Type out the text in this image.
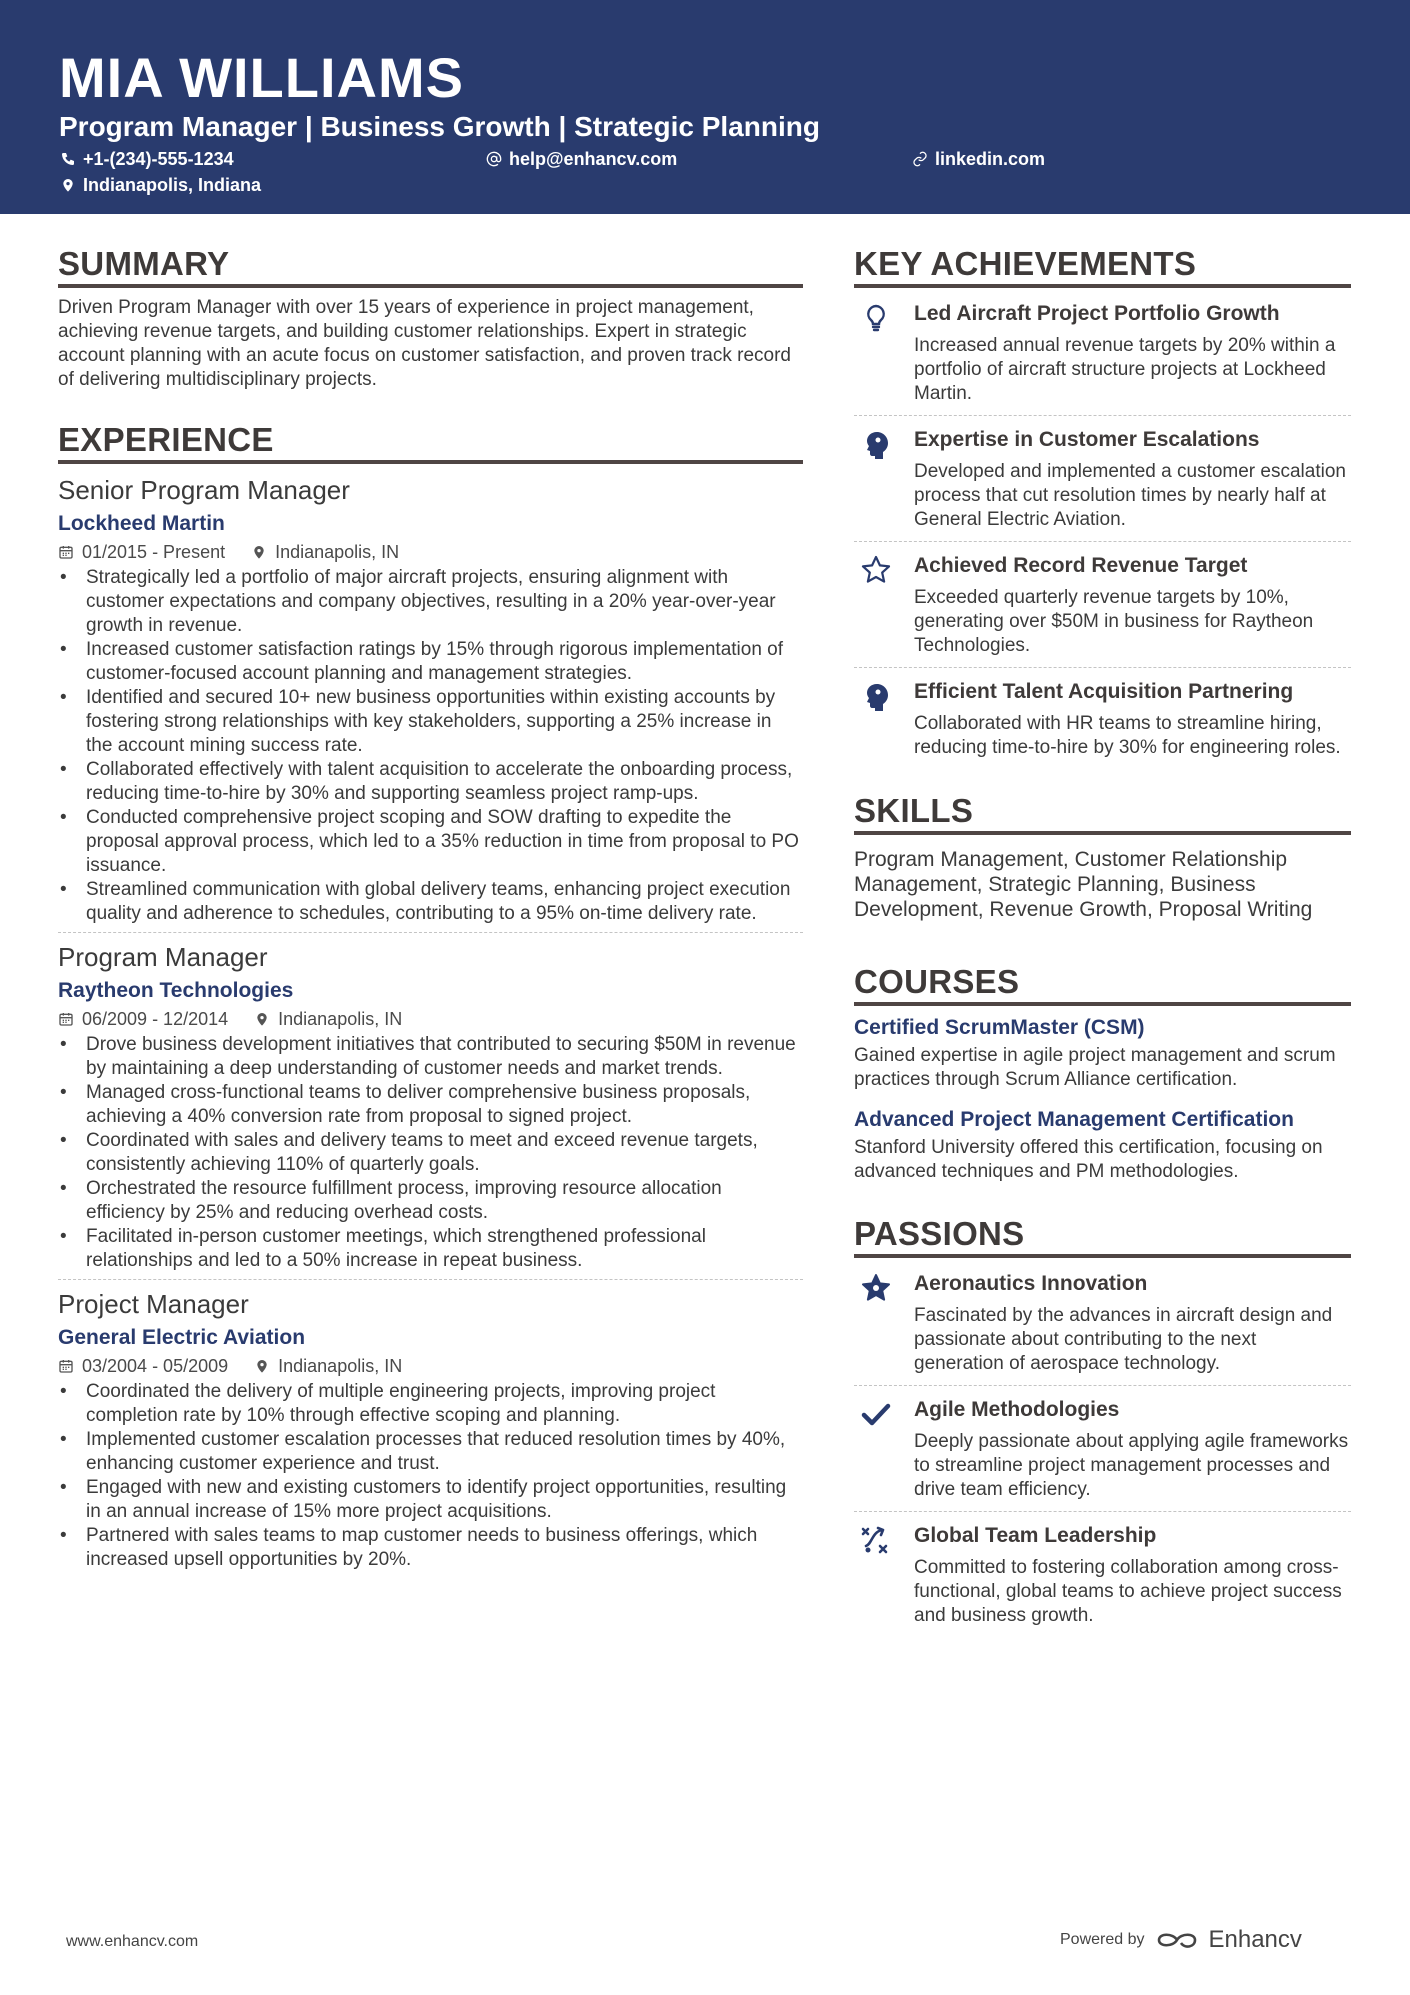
MIA WILLIAMS
Program Manager | Business Growth | Strategic Planning
+1-(234)-555-1234	help@enhancv.com	linkedin.com
Indianapolis, Indiana
SUMMARY
Driven Program Manager with over 15 years of experience in project management, achieving revenue targets, and building customer relationships. Expert in strategic account planning with an acute focus on customer satisfaction, and proven track record of delivering multidisciplinary projects.
EXPERIENCE
Senior Program Manager
Lockheed Martin
01/2015 - Present	Indianapolis, IN
• Strategically led a portfolio of major aircraft projects, ensuring alignment with customer expectations and company objectives, resulting in a 20% year-over-year growth in revenue.
• Increased customer satisfaction ratings by 15% through rigorous implementation of customer-focused account planning and management strategies.
• Identified and secured 10+ new business opportunities within existing accounts by fostering strong relationships with key stakeholders, supporting a 25% increase in the account mining success rate.
• Collaborated effectively with talent acquisition to accelerate the onboarding process, reducing time-to-hire by 30% and supporting seamless project ramp-ups.
• Conducted comprehensive project scoping and SOW drafting to expedite the proposal approval process, which led to a 35% reduction in time from proposal to PO issuance.
• Streamlined communication with global delivery teams, enhancing project execution quality and adherence to schedules, contributing to a 95% on-time delivery rate.
Program Manager
Raytheon Technologies
06/2009 - 12/2014	Indianapolis, IN
• Drove business development initiatives that contributed to securing $50M in revenue by maintaining a deep understanding of customer needs and market trends.
• Managed cross-functional teams to deliver comprehensive business proposals, achieving a 40% conversion rate from proposal to signed project.
• Coordinated with sales and delivery teams to meet and exceed revenue targets, consistently achieving 110% of quarterly goals.
• Orchestrated the resource fulfillment process, improving resource allocation efficiency by 25% and reducing overhead costs.
• Facilitated in-person customer meetings, which strengthened professional relationships and led to a 50% increase in repeat business.
Project Manager
General Electric Aviation
03/2004 - 05/2009	Indianapolis, IN
• Coordinated the delivery of multiple engineering projects, improving project completion rate by 10% through effective scoping and planning.
• Implemented customer escalation processes that reduced resolution times by 40%, enhancing customer experience and trust.
• Engaged with new and existing customers to identify project opportunities, resulting in an annual increase of 15% more project acquisitions.
• Partnered with sales teams to map customer needs to business offerings, which increased upsell opportunities by 20%.
KEY ACHIEVEMENTS
Led Aircraft Project Portfolio Growth
Increased annual revenue targets by 20% within a portfolio of aircraft structure projects at Lockheed Martin.
Expertise in Customer Escalations
Developed and implemented a customer escalation process that cut resolution times by nearly half at General Electric Aviation.
Achieved Record Revenue Target
Exceeded quarterly revenue targets by 10%, generating over $50M in business for Raytheon Technologies.
Efficient Talent Acquisition Partnering
Collaborated with HR teams to streamline hiring, reducing time-to-hire by 30% for engineering roles.
SKILLS
Program Management, Customer Relationship Management, Strategic Planning, Business Development, Revenue Growth, Proposal Writing
COURSES
Certified ScrumMaster (CSM)
Gained expertise in agile project management and scrum practices through Scrum Alliance certification.
Advanced Project Management Certification
Stanford University offered this certification, focusing on advanced techniques and PM methodologies.
PASSIONS
Aeronautics Innovation
Fascinated by the advances in aircraft design and passionate about contributing to the next generation of aerospace technology.
Agile Methodologies
Deeply passionate about applying agile frameworks to streamline project management processes and drive team efficiency.
Global Team Leadership
Committed to fostering collaboration among cross-functional, global teams to achieve project success and business growth.
www.enhancv.com	Powered by	Enhancv
